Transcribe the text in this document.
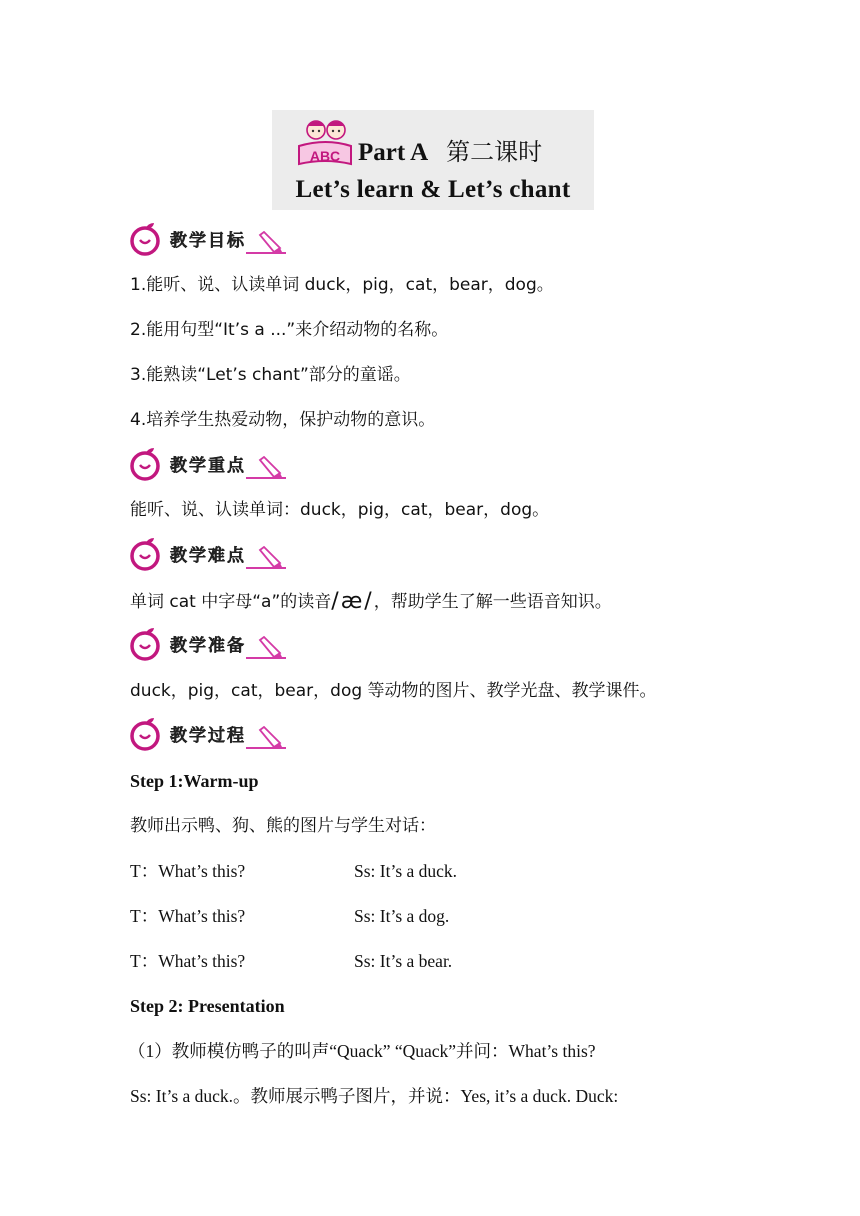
ABC Part A 第二课时
Let’s learn & Let’s chant
教学目标
1.能听、说、认读单词 duck，pig，cat，bear，dog。
2.能用句型“It’s a ...”来介绍动物的名称。
3.能熟读“Let’s chant”部分的童谣。
4.培养学生热爱动物，保护动物的意识。
教学重点
能听、说、认读单词：duck，pig，cat，bear，dog。
教学难点
单词 cat 中字母“a”的读音/æ/，帮助学生了解一些语音知识。
教学准备
duck，pig，cat，bear，dog 等动物的图片、教学光盘、教学课件。
教学过程
Step 1:Warm-up
教师出示鸭、狗、熊的图片与学生对话：
T：What’s this?	Ss: It’s a duck.
T：What’s this?	Ss: It’s a dog.
T：What’s this?	Ss: It’s a bear.
Step 2: Presentation
（1）教师模仿鸭子的叫声“Quack” “Quack”并问：What’s this?
Ss: It’s a duck.。教师展示鸭子图片，并说：Yes, it’s a duck. Duck:
